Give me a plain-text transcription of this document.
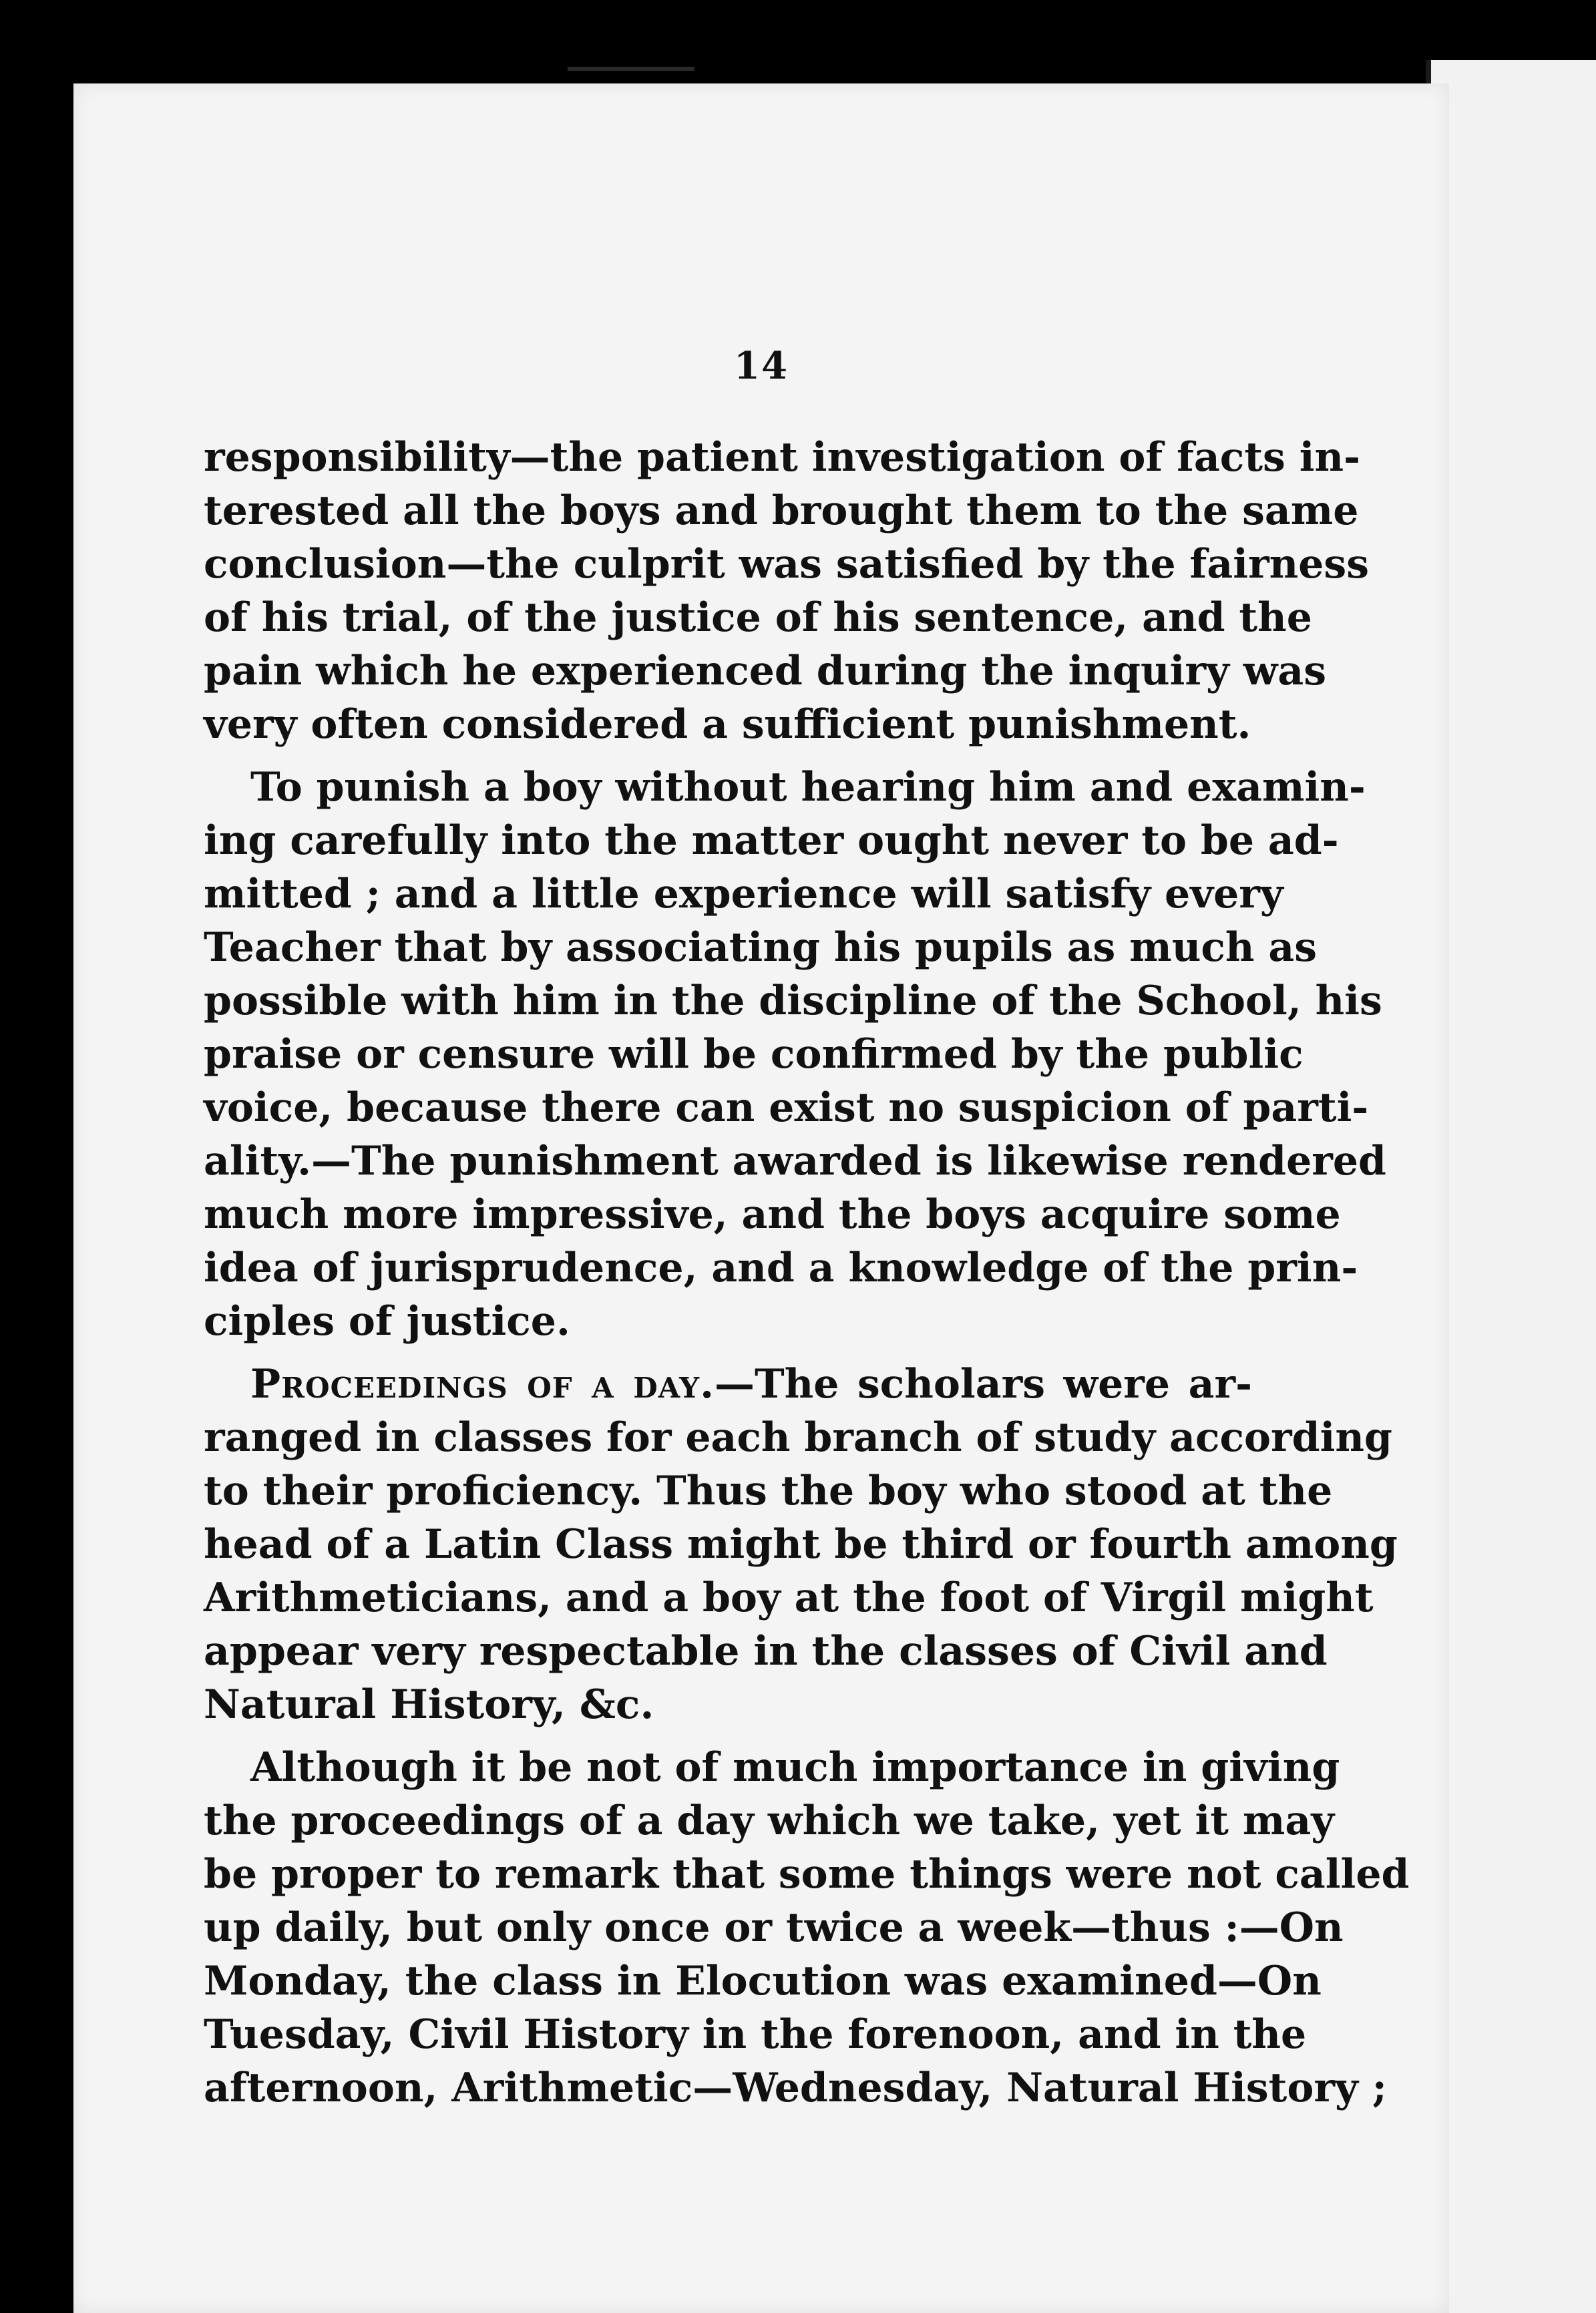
14
responsibility—the patient investigation of facts in-
terested all the boys and brought them to the same
conclusion—the culprit was satisfied by the fairness
of his trial, of the justice of his sentence, and the
pain which he experienced during the inquiry was
very often considered a sufficient punishment.
To punish a boy without hearing him and examin-
ing carefully into the matter ought never to be ad-
mitted ; and a little experience will satisfy every
Teacher that by associating his pupils as much as
possible with him in the discipline of the School, his
praise or censure will be confirmed by the public
voice, because there can exist no suspicion of parti-
ality.—The punishment awarded is likewise rendered
much more impressive, and the boys acquire some
idea of jurisprudence, and a knowledge of the prin-
ciples of justice.
Proceedings of a day.—The scholars were ar-
ranged in classes for each branch of study according
to their proficiency. Thus the boy who stood at the
head of a Latin Class might be third or fourth among
Arithmeticians, and a boy at the foot of Virgil might
appear very respectable in the classes of Civil and
Natural History, &c.
Although it be not of much importance in giving
the proceedings of a day which we take, yet it may
be proper to remark that some things were not called
up daily, but only once or twice a week—thus :—On
Monday, the class in Elocution was examined—On
Tuesday, Civil History in the forenoon, and in the
afternoon, Arithmetic—Wednesday, Natural History ;
